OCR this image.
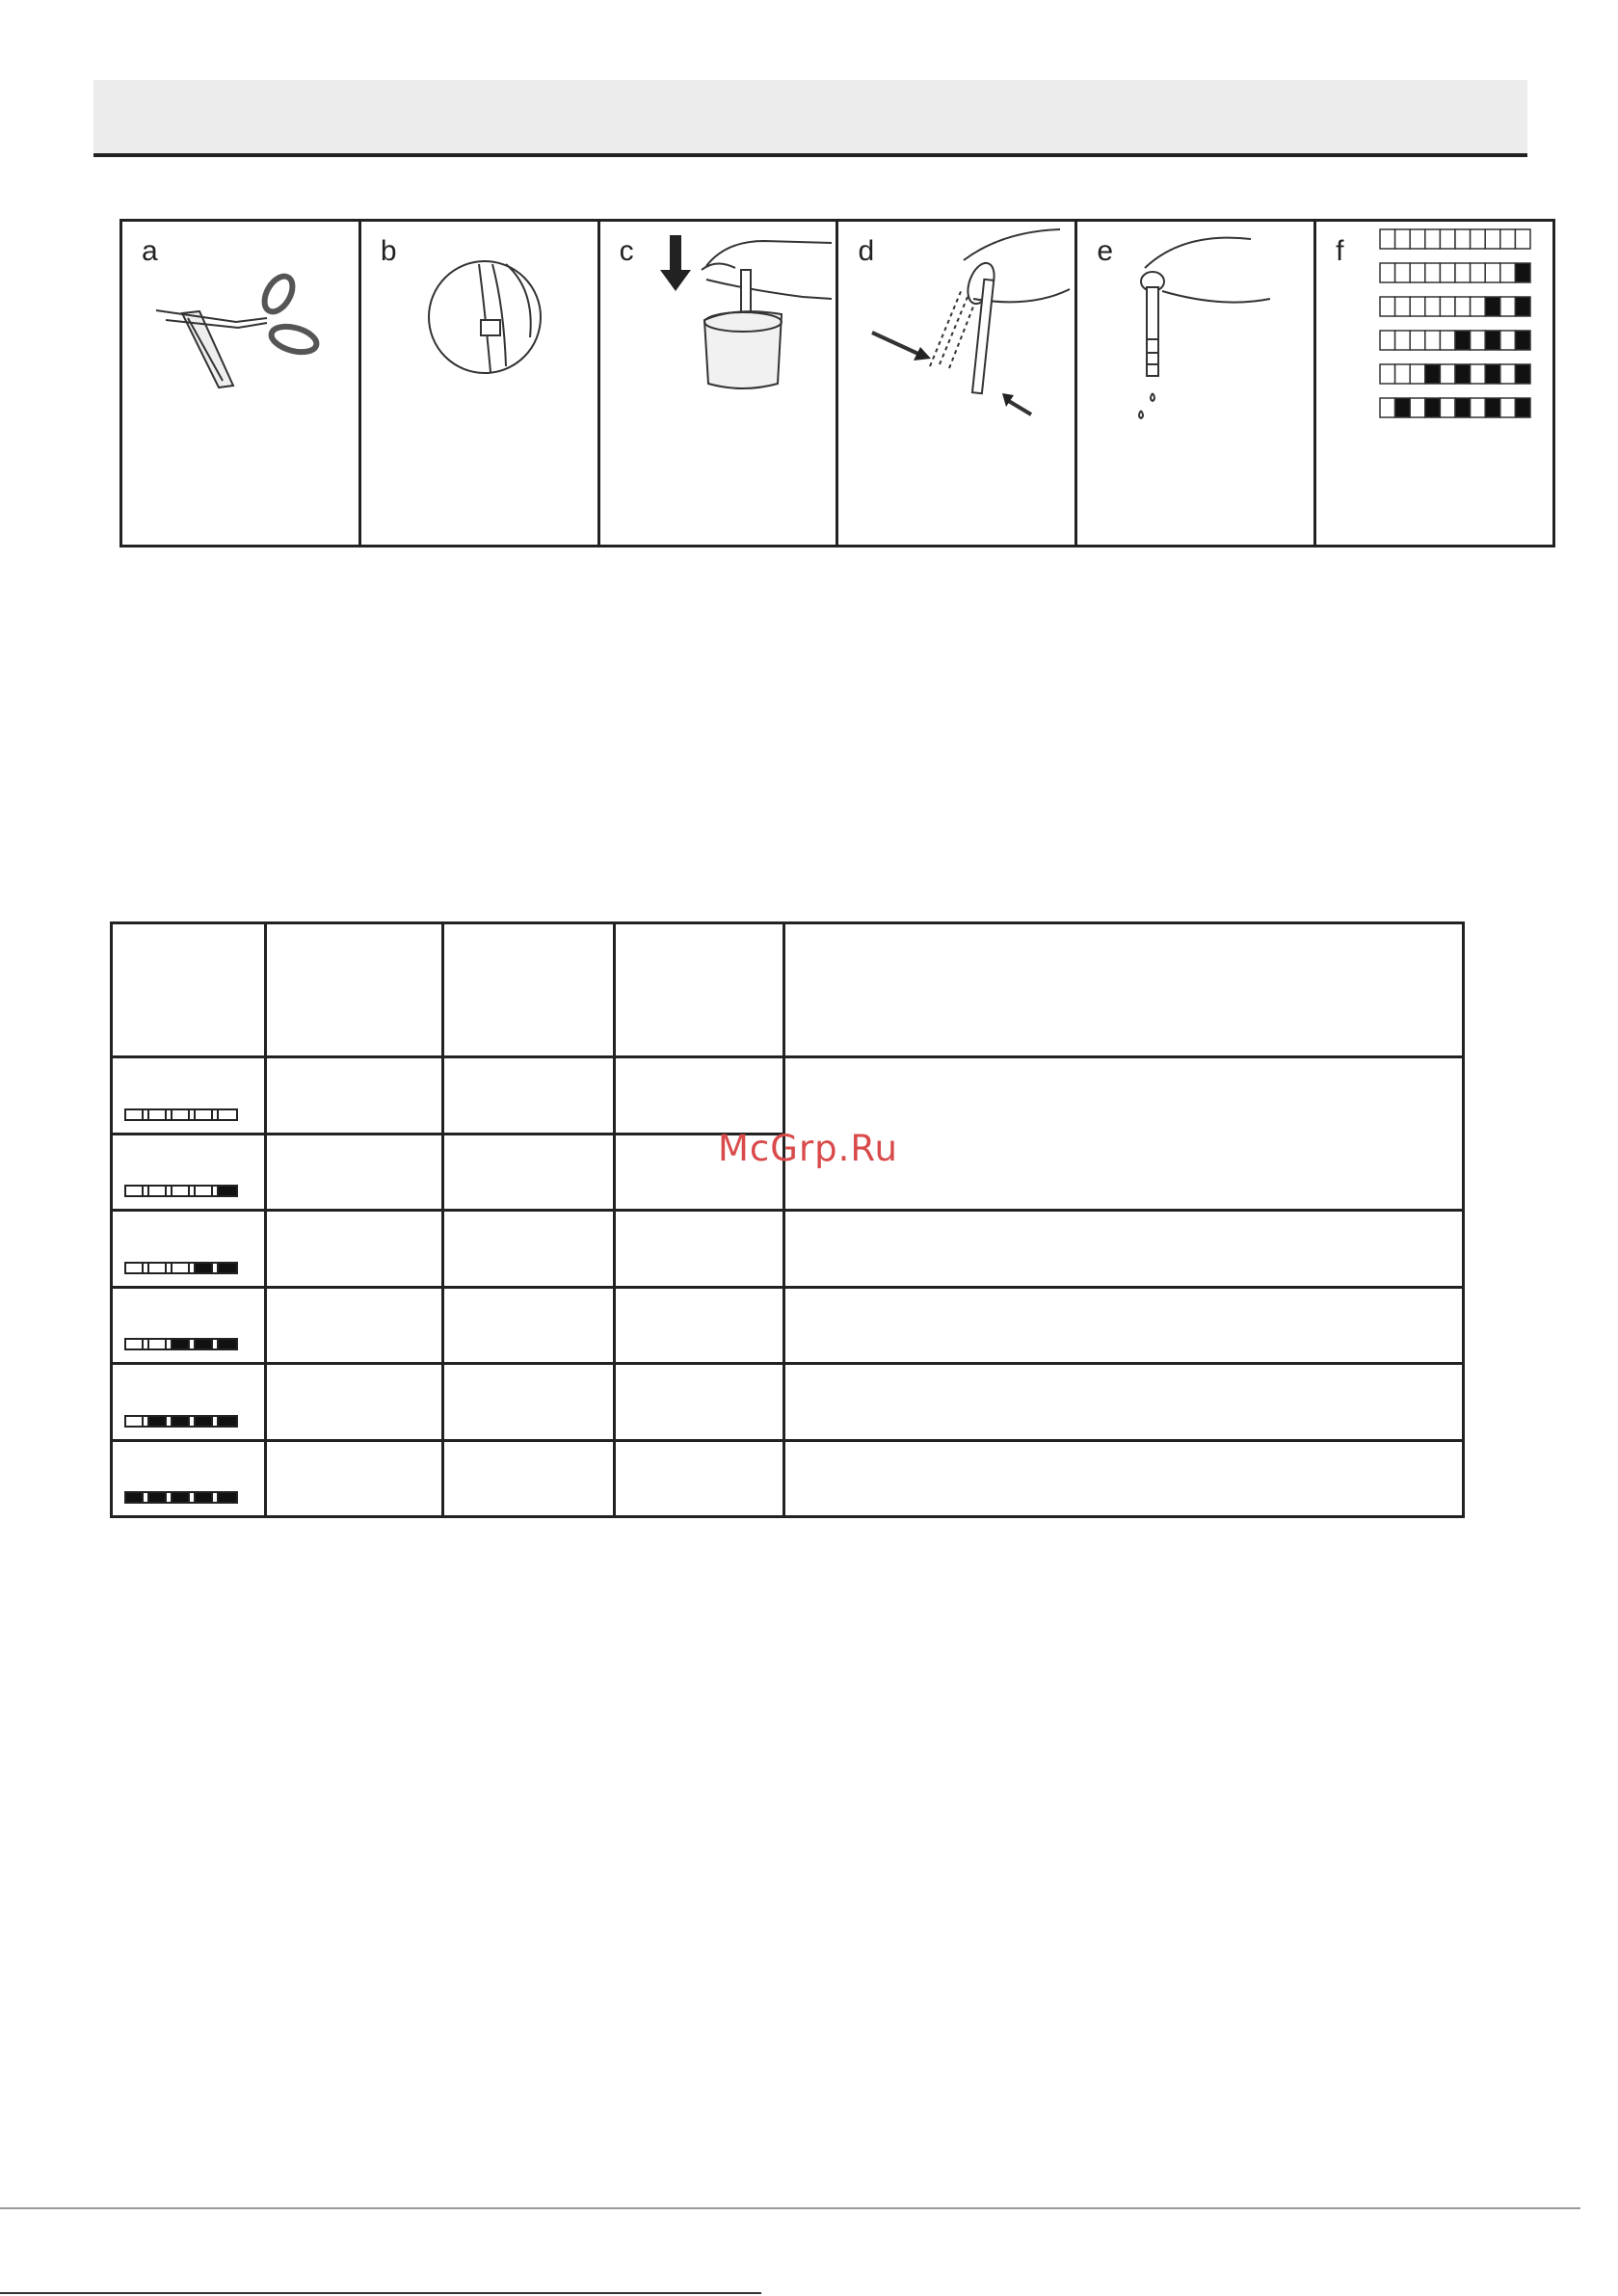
a	b	c	d	e	f

McGrp.Ru
